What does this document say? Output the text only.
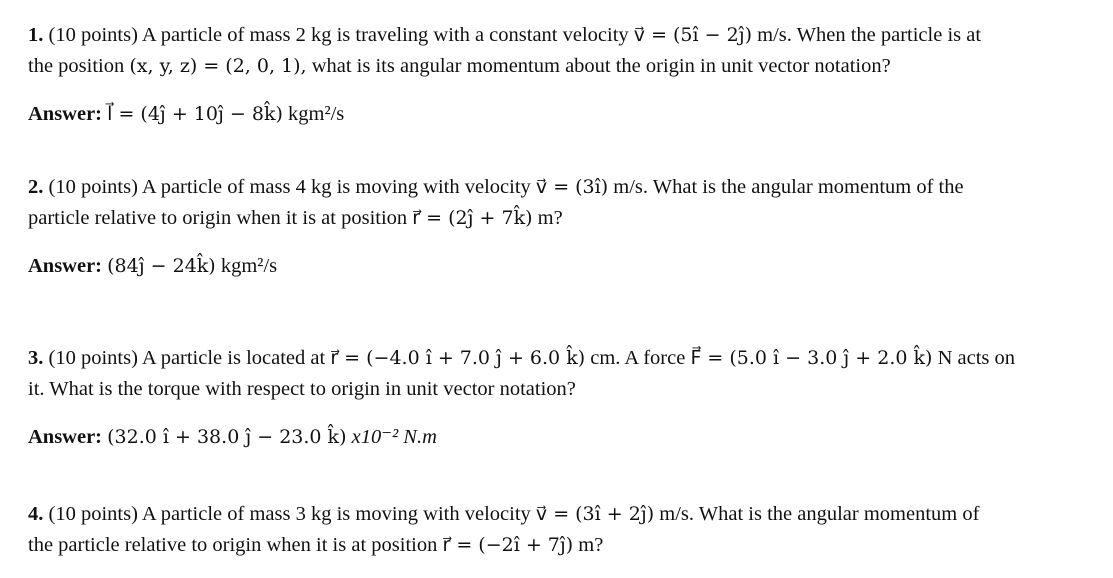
1. (10 points) A particle of mass 2 kg is traveling with a constant velocity v⃗ = (5î − 2ĵ) m/s. When the particle is at
the position (x, y, z) = (2, 0, 1), what is its angular momentum about the origin in unit vector notation?
Answer: l⃗ = (4ĵ + 10ĵ − 8k̂) kgm²/s
2. (10 points) A particle of mass 4 kg is moving with velocity v⃗ = (3î) m/s. What is the angular momentum of the
particle relative to origin when it is at position r⃗ = (2ĵ + 7k̂) m?
Answer: (84ĵ − 24k̂) kgm²/s
3. (10 points) A particle is located at r⃗ = (−4.0 î + 7.0 ĵ + 6.0 k̂) cm. A force F⃗ = (5.0 î − 3.0 ĵ + 2.0 k̂) N acts on
it. What is the torque with respect to origin in unit vector notation?
Answer: (32.0 î + 38.0 ĵ − 23.0 k̂) x10⁻² N.m
4. (10 points) A particle of mass 3 kg is moving with velocity v⃗ = (3î + 2ĵ) m/s. What is the angular momentum of
the particle relative to origin when it is at position r⃗ = (−2î + 7ĵ) m?
